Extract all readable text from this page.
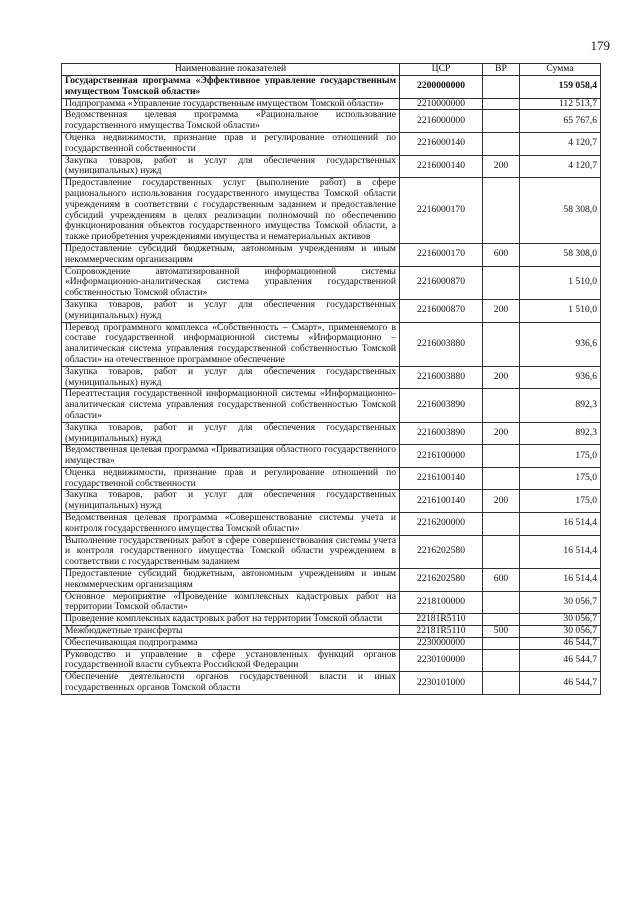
179
Наименование показателей	ЦСР	ВР	Сумма
Государственная программа «Эффективное управление государственным имуществом Томской области»	2200000000		159 058,4
Подпрограмма «Управление государственным имуществом Томской области»	2210000000		112 513,7
Ведомственная целевая программа «Рациональное использование государственного имущества Томской области»	2216000000		65 767,6
Оценка недвижимости, признание прав и регулирование отношений по государственной собственности	2216000140		4 120,7
Закупка товаров, работ и услуг для обеспечения государственных (муниципальных) нужд	2216000140	200	4 120,7
Предоставление государственных услуг (выполнение работ) в сфере рационального использования государственного имущества Томской области учреждениям в соответствии с государственным заданием и предоставление субсидий учреждениям в целях реализации полномочий по обеспечению функционирования объектов государственного имущества Томской области, а также приобретения учреждениями имущества и нематериальных активов	2216000170		58 308,0
Предоставление субсидий бюджетным, автономным учреждениям и иным некоммерческим организациям	2216000170	600	58 308,0
Сопровождение автоматизированной информационной системы «Информационно-аналитическая система управления государственной собственностью Томской области»	2216000870		1 510,0
Закупка товаров, работ и услуг для обеспечения государственных (муниципальных) нужд	2216000870	200	1 510,0
Перевод программного комплекса «Собственность – Смарт», применяемого в составе государственной информационной системы «Информационно – аналитическая система управления государственной собственностью Томской области» на отечественное программное обеспечение	2216003880		936,6
Закупка товаров, работ и услуг для обеспечения государственных (муниципальных) нужд	2216003880	200	936,6
Переаттестация государственной информационной системы «Информационно-аналитическая система управления государственной собственностью Томской области»	2216003890		892,3
Закупка товаров, работ и услуг для обеспечения государственных (муниципальных) нужд	2216003890	200	892,3
Ведомственная целевая программа «Приватизация областного государственного имущества»	2216100000		175,0
Оценка недвижимости, признание прав и регулирование отношений по государственной собственности	2216100140		175,0
Закупка товаров, работ и услуг для обеспечения государственных (муниципальных) нужд	2216100140	200	175,0
Ведомственная целевая программа «Совершенствование системы учета и контроля государственного имущества Томской области»	2216200000		16 514,4
Выполнение государственных работ в сфере совершенствования системы учета и контроля государственного имущества Томской области учреждением в соответствии с государственным заданием	2216202580		16 514,4
Предоставление субсидий бюджетным, автономным учреждениям и иным некоммерческим организациям	2216202580	600	16 514,4
Основное мероприятие «Проведение комплексных кадастровых работ на территории Томской области»	2218100000		30 056,7
Проведение комплексных кадастровых работ на территории Томской области	22181R5110		30 056,7
Межбюджетные трансферты	22181R5110	500	30 056,7
Обеспечивающая подпрограмма	2230000000		46 544,7
Руководство и управление в сфере установленных функций органов государственной власти субъекта Российской Федерации	2230100000		46 544,7
Обеспечение деятельности органов государственной власти и иных государственных органов Томской области	2230101000		46 544,7
